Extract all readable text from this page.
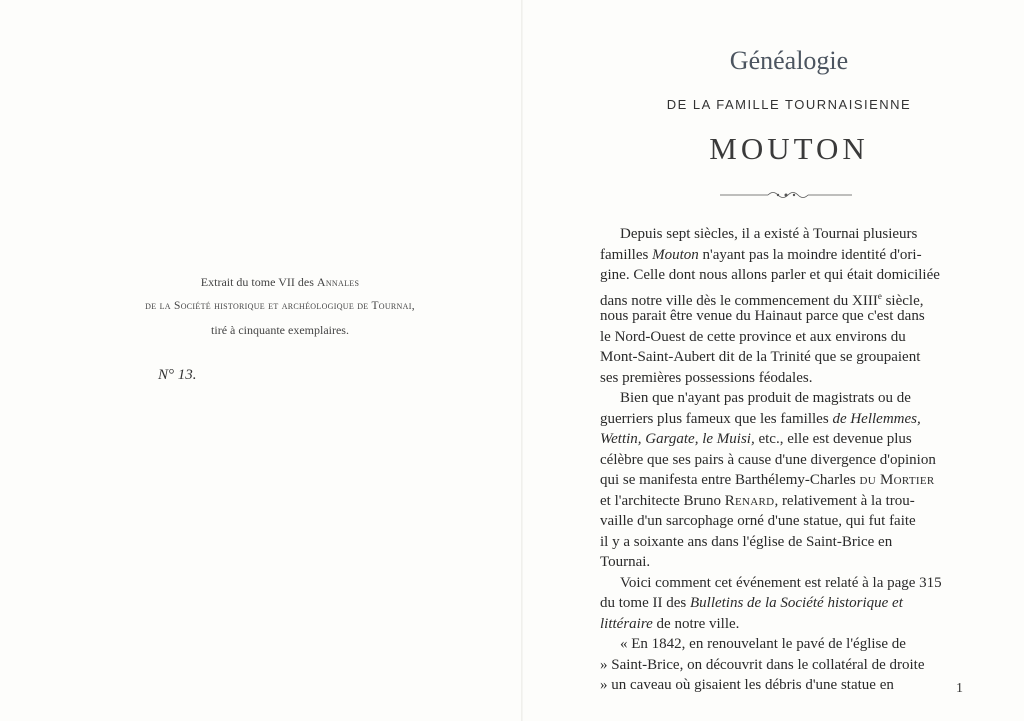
Extrait du tome VII des Annales
de la Société historique et archéologique de Tournai,
tiré à cinquante exemplaires.
N° 13.
Généalogie
DE LA FAMILLE TOURNAISIENNE
MOUTON
Depuis sept siècles, il a existé à Tournai plusieurs
familles Mouton n'ayant pas la moindre identité d'ori-
gine. Celle dont nous allons parler et qui était domiciliée
dans notre ville dès le commencement du XIIIe siècle,
nous parait être venue du Hainaut parce que c'est dans
le Nord-Ouest de cette province et aux environs du
Mont-Saint-Aubert dit de la Trinité que se groupaient
ses premières possessions féodales.
Bien que n'ayant pas produit de magistrats ou de
guerriers plus fameux que les familles de Hellemmes,
Wettin, Gargate, le Muisi, etc., elle est devenue plus
célèbre que ses pairs à cause d'une divergence d'opinion
qui se manifesta entre Barthélemy-Charles du Mortier
et l'architecte Bruno Renard, relativement à la trou-
vaille d'un sarcophage orné d'une statue, qui fut faite
il y a soixante ans dans l'église de Saint-Brice en
Tournai.
Voici comment cet événement est relaté à la page 315
du tome II des Bulletins de la Société historique et
littéraire de notre ville.
« En 1842, en renouvelant le pavé de l'église de
» Saint-Brice, on découvrit dans le collatéral de droite
» un caveau où gisaient les débris d'une statue en	1
